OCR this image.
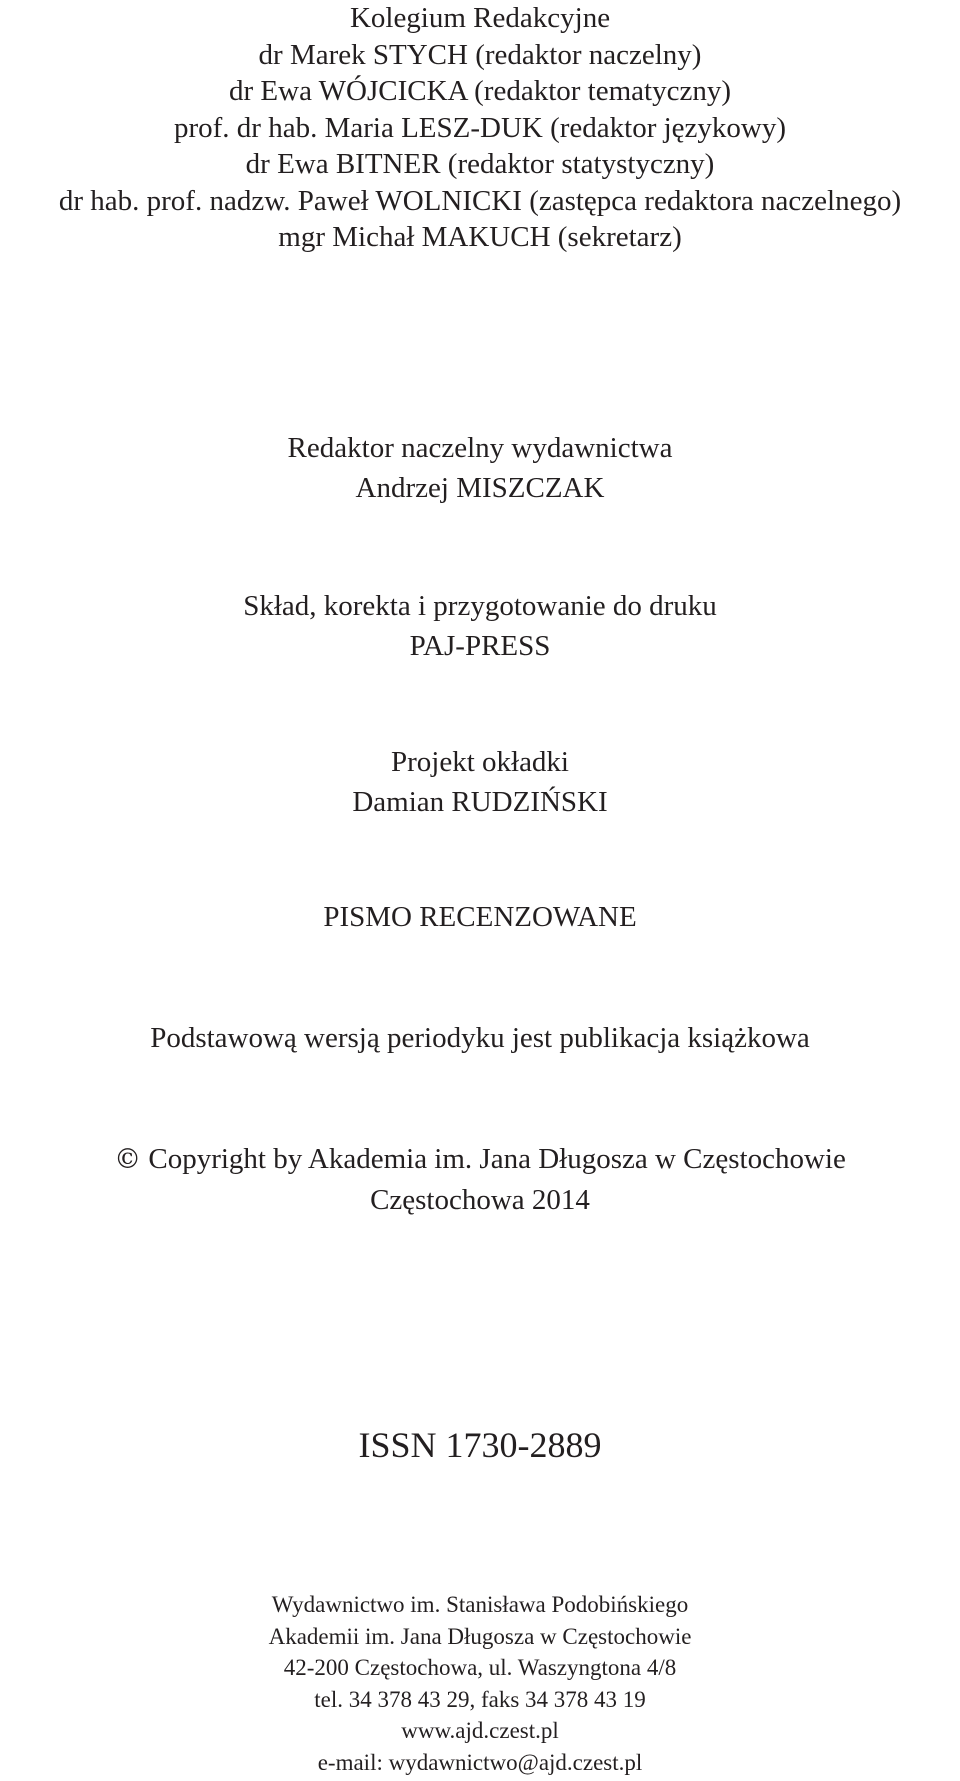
Kolegium Redakcyjne
dr Marek STYCH (redaktor naczelny)
dr Ewa WÓJCICKA (redaktor tematyczny)
prof. dr hab. Maria LESZ-DUK (redaktor językowy)
dr Ewa BITNER (redaktor statystyczny)
dr hab. prof. nadzw. Paweł WOLNICKI (zastępca redaktora naczelnego)
mgr Michał MAKUCH (sekretarz)
Redaktor naczelny wydawnictwa
Andrzej MISZCZAK
Skład, korekta i przygotowanie do druku
PAJ-PRESS
Projekt okładki
Damian RUDZIŃSKI
PISMO RECENZOWANE
Podstawową wersją periodyku jest publikacja książkowa
© Copyright by Akademia im. Jana Długosza w Częstochowie
Częstochowa 2014
ISSN 1730-2889
Wydawnictwo im. Stanisława Podobińskiego
Akademii im. Jana Długosza w Częstochowie
42-200 Częstochowa, ul. Waszyngtona 4/8
tel. 34 378 43 29, faks 34 378 43 19
www.ajd.czest.pl
e-mail: wydawnictwo@ajd.czest.pl
